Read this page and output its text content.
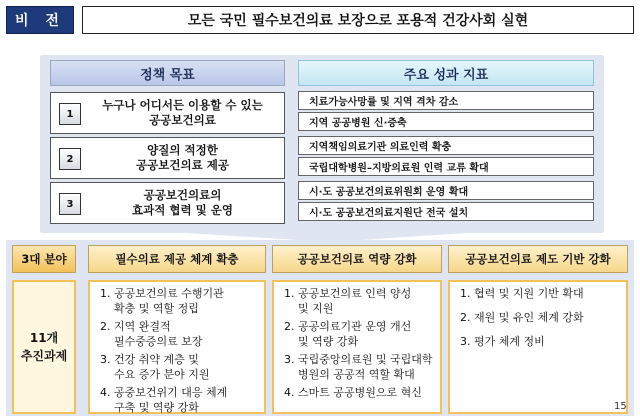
비 전	모든 국민 필수보건의료 보장으로 포용적 건강사회 실현
정책 목표	주요 성과 지표
1
누구나 어디서든 이용할 수 있는
공공보건의료
2
양질의 적정한
공공보건의료 제공
3
공공보건의료의
효과적 협력 및 운영
치료가능사망률 및 지역 격차 감소
지역 공공병원 신·증축
지역책임의료기관 의료인력 확충
국립대학병원–지방의료원 인력 교류 확대
시·도 공공보건의료위원회 운영 확대
시·도 공공보건의료지원단 전국 설치
3대 분야	필수의료 제공 체계 확충	공공보건의료 역량 강화	공공보건의료 제도 기반 강화
11개
추진과제
1. 공공보건의료 수행기관
확충 및 역할 정립
2. 지역 완결적
필수중증의료 보장
3. 건강 취약 계층 및
수요 증가 분야 지원
4. 공중보건위기 대응 체계
구축 및 역량 강화
1. 공공보건의료 인력 양성
및 지원
2. 공공의료기관 운영 개선
및 역량 강화
3. 국립중앙의료원 및 국립대학
병원의 공공적 역할 확대
4. 스마트 공공병원으로 혁신
1. 협력 및 지원 기반 확대
2. 재원 및 유인 체계 강화
3. 평가 체계 정비
15
